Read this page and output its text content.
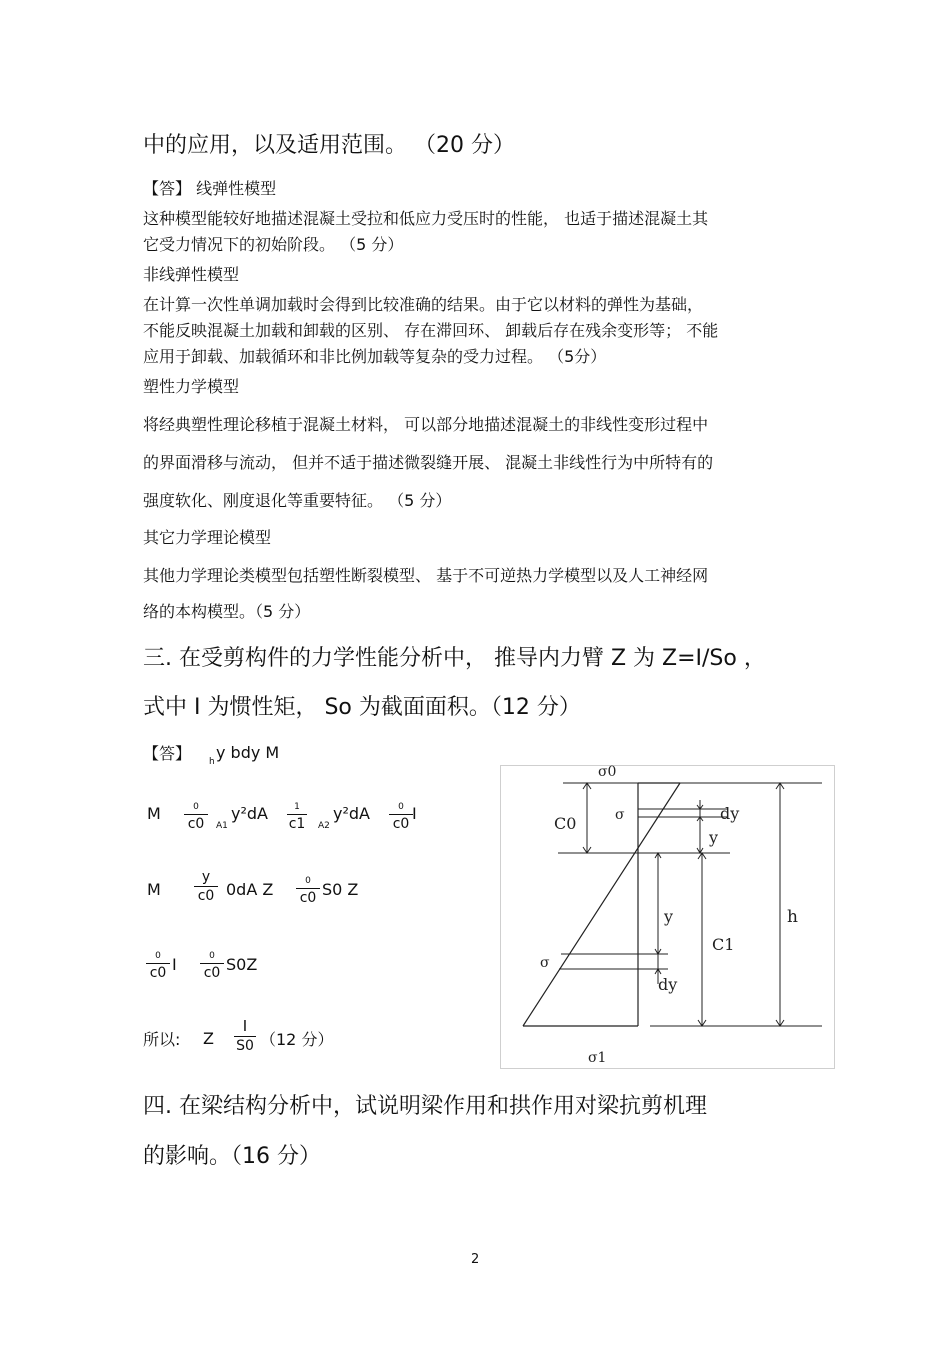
中的应用，以及适用范围。 （20 分）
【答】 线弹性模型
这种模型能较好地描述混凝土受拉和低应力受压时的性能， 也适于描述混凝土其
它受力情况下的初始阶段。 （5 分）
非线弹性模型
在计算一次性单调加载时会得到比较准确的结果。由于它以材料的弹性为基础，
不能反映混凝土加载和卸载的区别、 存在滞回环、 卸载后存在残余变形等； 不能
应用于卸载、加载循环和非比例加载等复杂的受力过程。 （5分）
塑性力学模型
将经典塑性理论移植于混凝土材料， 可以部分地描述混凝土的非线性变形过程中
的界面滑移与流动， 但并不适于描述微裂缝开展、 混凝土非线性行为中所特有的
强度软化、刚度退化等重要特征。 （5 分）
其它力学理论模型
其他力学理论类模型包括塑性断裂模型、 基于不可逆热力学模型以及人工神经网
络的本构模型。（5 分）
三. 在受剪构件的力学性能分析中， 推导内力臂 Z 为 Z=I/So ，
式中 I 为惯性矩， So 为截面面积。（12 分）
【答】 h y bdy M
M	0
c0	A1
y²dA	1
c1 A2
y²dA	0
c0
I
M
y
c0 0dA Z	0
c0 S0 Z
0
c0 I	0
c0 S0Z
所以: Z
I
S0 （12 分）
σ0
σ1
σ
σ
C0
C1
h
dy
y
y
dy
四. 在梁结构分析中，试说明梁作用和拱作用对梁抗剪机理
的影响。（16 分）
2
